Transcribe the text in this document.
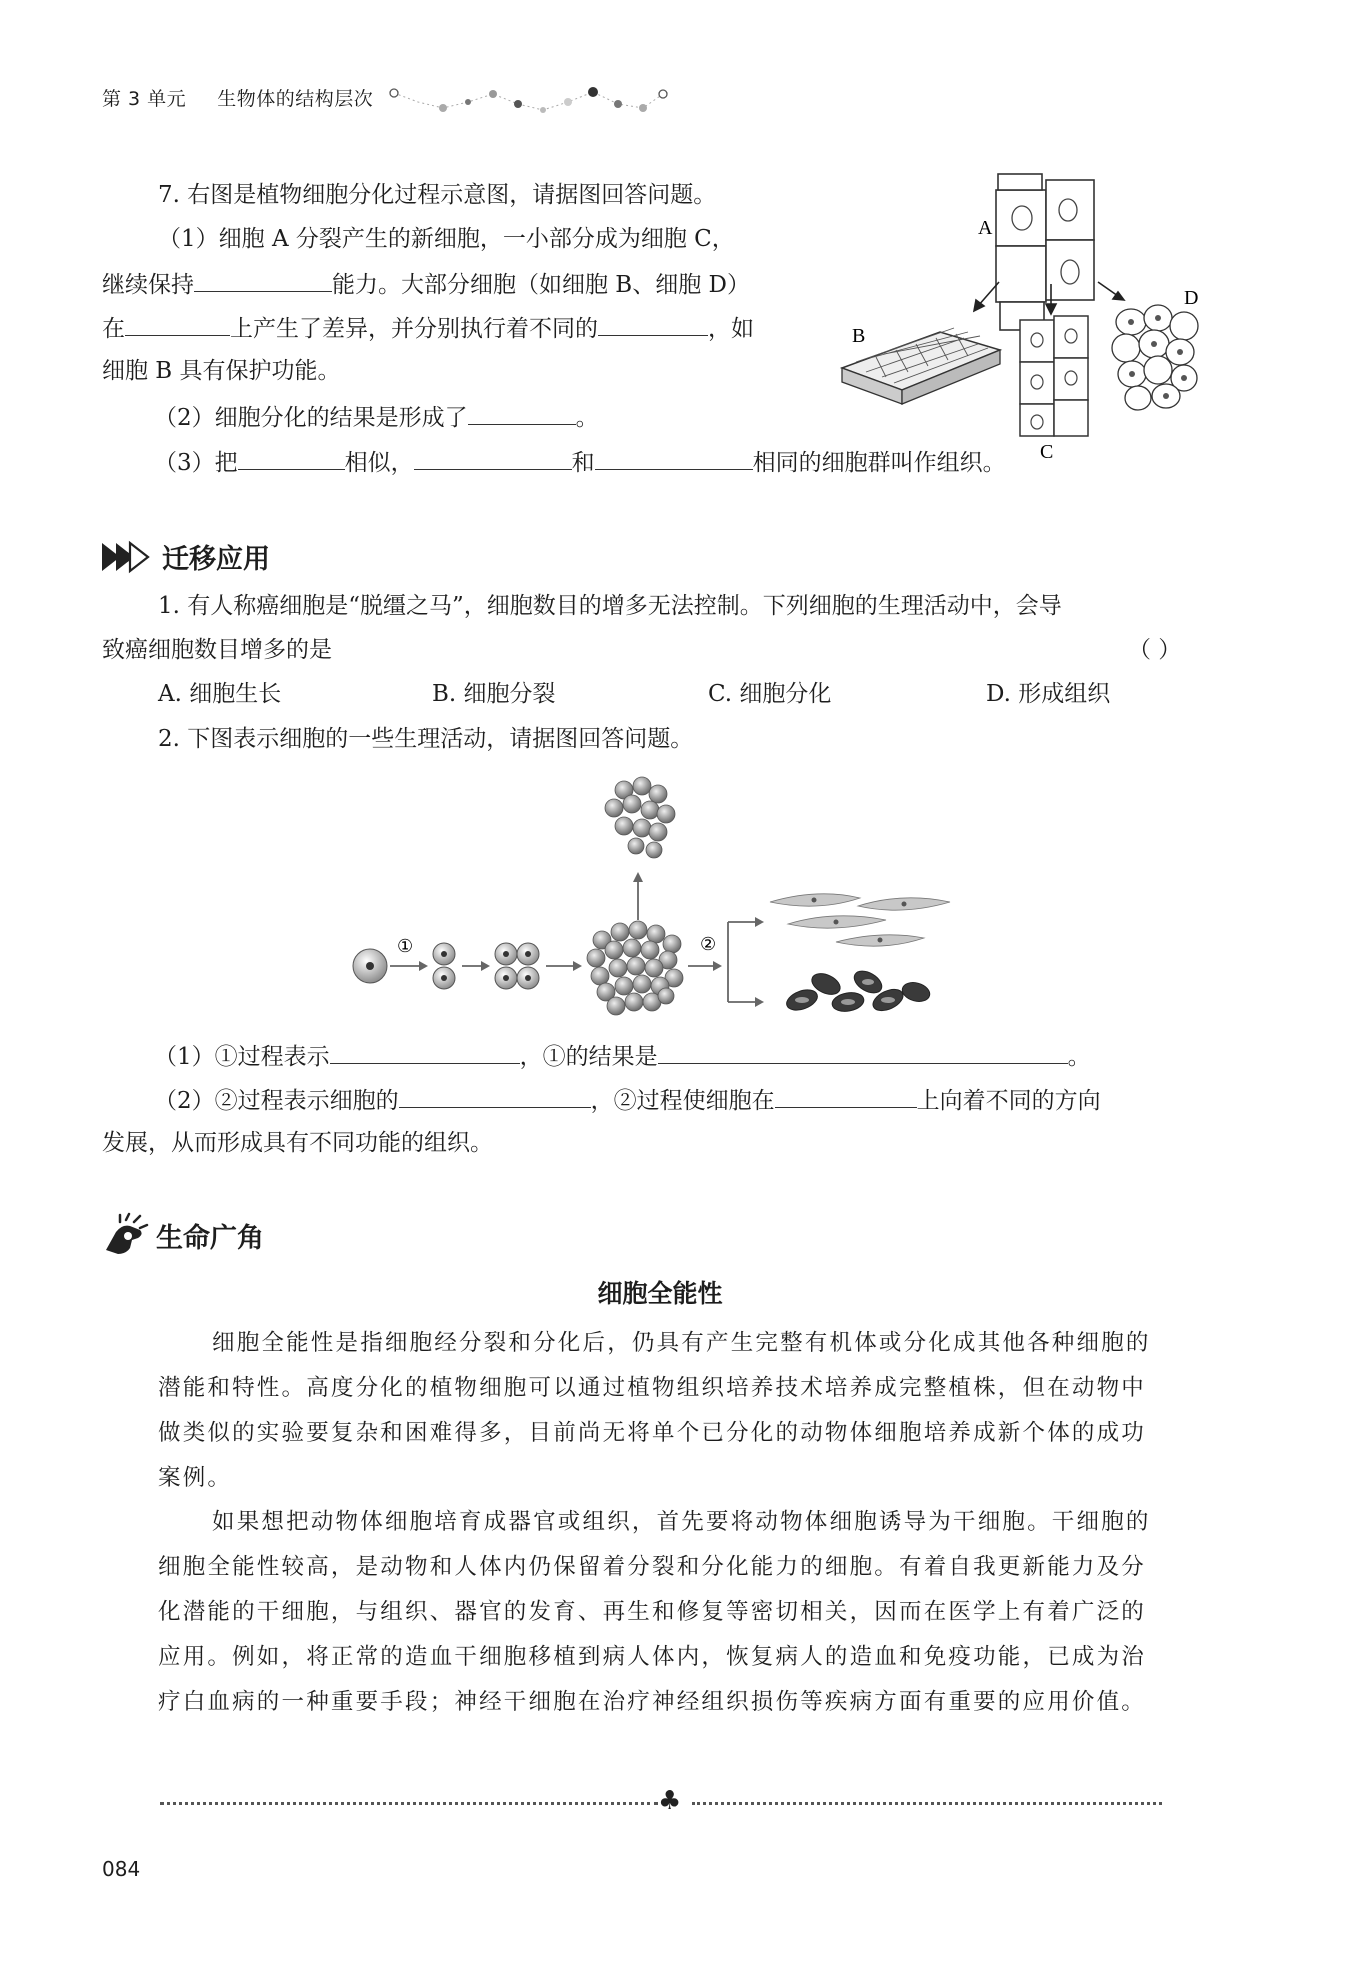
第 3 单元 生物体的结构层次
7. 右图是植物细胞分化过程示意图，请据图回答问题。
（1）细胞 A 分裂产生的新细胞，一小部分成为细胞 C，
继续保持	能力。大部分细胞（如细胞 B、细胞 D）
在	上产生了差异，并分别执行着不同的	，如
细胞 B 具有保护功能。
（2）细胞分化的结果是形成了	。
（3）把	相似，	和	相同的细胞群叫作组织。
A
C
D
B
迁移应用
1. 有人称癌细胞是“脱缰之马”，细胞数目的增多无法控制。下列细胞的生理活动中，会导
致癌细胞数目增多的是	（ ）
A. 细胞生长	B. 细胞分裂	C. 细胞分化	D. 形成组织
2. 下图表示细胞的一些生理活动，请据图回答问题。
①	②
（1）①过程表示	，①的结果是	。
（2）②过程表示细胞的	，②过程使细胞在	上向着不同的方向
发展，从而形成具有不同功能的组织。
生命广角
细胞全能性

细胞全能性是指细胞经分裂和分化后，仍具有产生完整有机体或分化成其他各种细胞的潜能和特性。高度分化的植物细胞可以通过植物组织培养技术培养成完整植株，但在动物中做类似的实验要复杂和困难得多，目前尚无将单个已分化的动物体细胞培养成新个体的成功案例。

如果想把动物体细胞培育成器官或组织，首先要将动物体细胞诱导为干细胞。干细胞的细胞全能性较高，是动物和人体内仍保留着分裂和分化能力的细胞。有着自我更新能力及分化潜能的干细胞，与组织、器官的发育、再生和修复等密切相关，因而在医学上有着广泛的应用。例如，将正常的造血干细胞移植到病人体内，恢复病人的造血和免疫功能，已成为治疗白血病的一种重要手段；神经干细胞在治疗神经组织损伤等疾病方面有重要的应用价值。

♣
084
